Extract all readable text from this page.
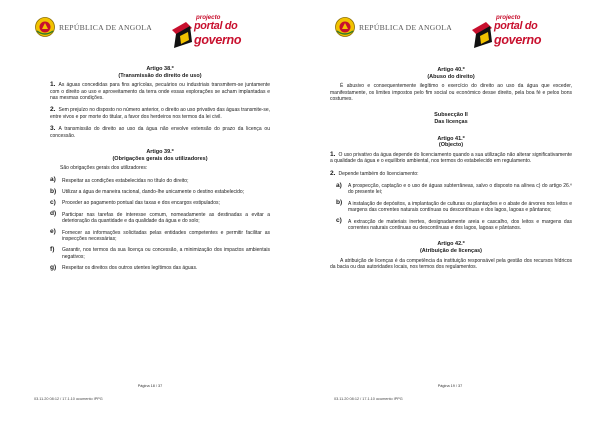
REPÚBLICA DE ANGOLA
projecto
portal do
governo
Artigo 38.º
(Transmissão do direito de uso)

1. As águas concedidas para fins agrícolas, pecuários ou industriais transmitem-se juntamente com o direito ao uso e aproveitamento da terra onde essas explorações se acham implantadas e nas mesmas condições.

2. Sem prejuízo no disposto no número anterior, o direito ao uso privativo das águas transmite-se, entre vivos e por morte do titular, a favor dos herdeiros nos termos da lei civil.

3. A transmissão do direito ao uso da água não envolve extensão do prazo da licença ou concessão.

Artigo 39.º
(Obrigações gerais dos utilizadores)

São obrigações gerais dos utilizadores:

a) Respeitar as condições estabelecidas no título do direito;
b) Utilizar a água de maneira racional, dando-lhe unicamente o destino estabelecido;
c) Proceder ao pagamento pontual das taxas e dos encargos estipulados;
d) Participar nas tarefas de interesse comum, nomeadamente as destinadas a evitar a deterioração da quantidade e da qualidade da água e do solo;
e) Fornecer as informações solicitadas pelas entidades competentes e permitir facilitar as inspecções necessárias;
f) Garantir, nos termos da sua licença ou concessão, a minimização dos impactos ambientais negativos;
g) Respeitar os direitos dos outros utentes legítimos das águas.
Página 18 / 37
03.11.20 08:12 / 17.1.10 ocumento IPPG
REPÚBLICA DE ANGOLA
projecto
portal do
governo
Artigo 40.º
(Abuso do direito)

É abusivo e consequentemente ilegítimo o exercício do direito ao uso da água que exceder, manifestamente, os limites impostos pelo fim social ou económico desse direito, pela boa fé e pelos bons costumes.

Subsecção II
Das licenças
Artigo 41.º
(Objecto)

1. O uso privativo da água depende do licenciamento quando a sua utilização não alterar significativamente a qualidade da água e o equilíbrio ambiental, nos termos do estabelecido em regulamento.

2. Depende também do licenciamento:

a) A prospecção, captação e o uso de águas subterrâneas, salvo o disposto na alínea c) do artigo 26.º do presente lei;
b) A instalação de depósitos, a implantação de culturas ou plantações e o abate de árvores nos leitos e margens das correntes naturais contínuas ou descontínuas e dos lagos, lagoas e pântanos;
c) A extracção de materiais inertes, designadamente areia e cascalho, dos leitos e margens das correntes naturais contínuas ou descontínuas e dos lagos, lagoas e pântanos.
Artigo 42.º
(Atribuição de licenças)

A atribuição de licenças é da competência da instituição responsável pela gestão dos recursos hídricos da bacia ou das autoridades locais, nos termos dos regulamentos.

Página 19 / 37
03.11.20 08:12 / 17.1.10 ocumento IPPG
